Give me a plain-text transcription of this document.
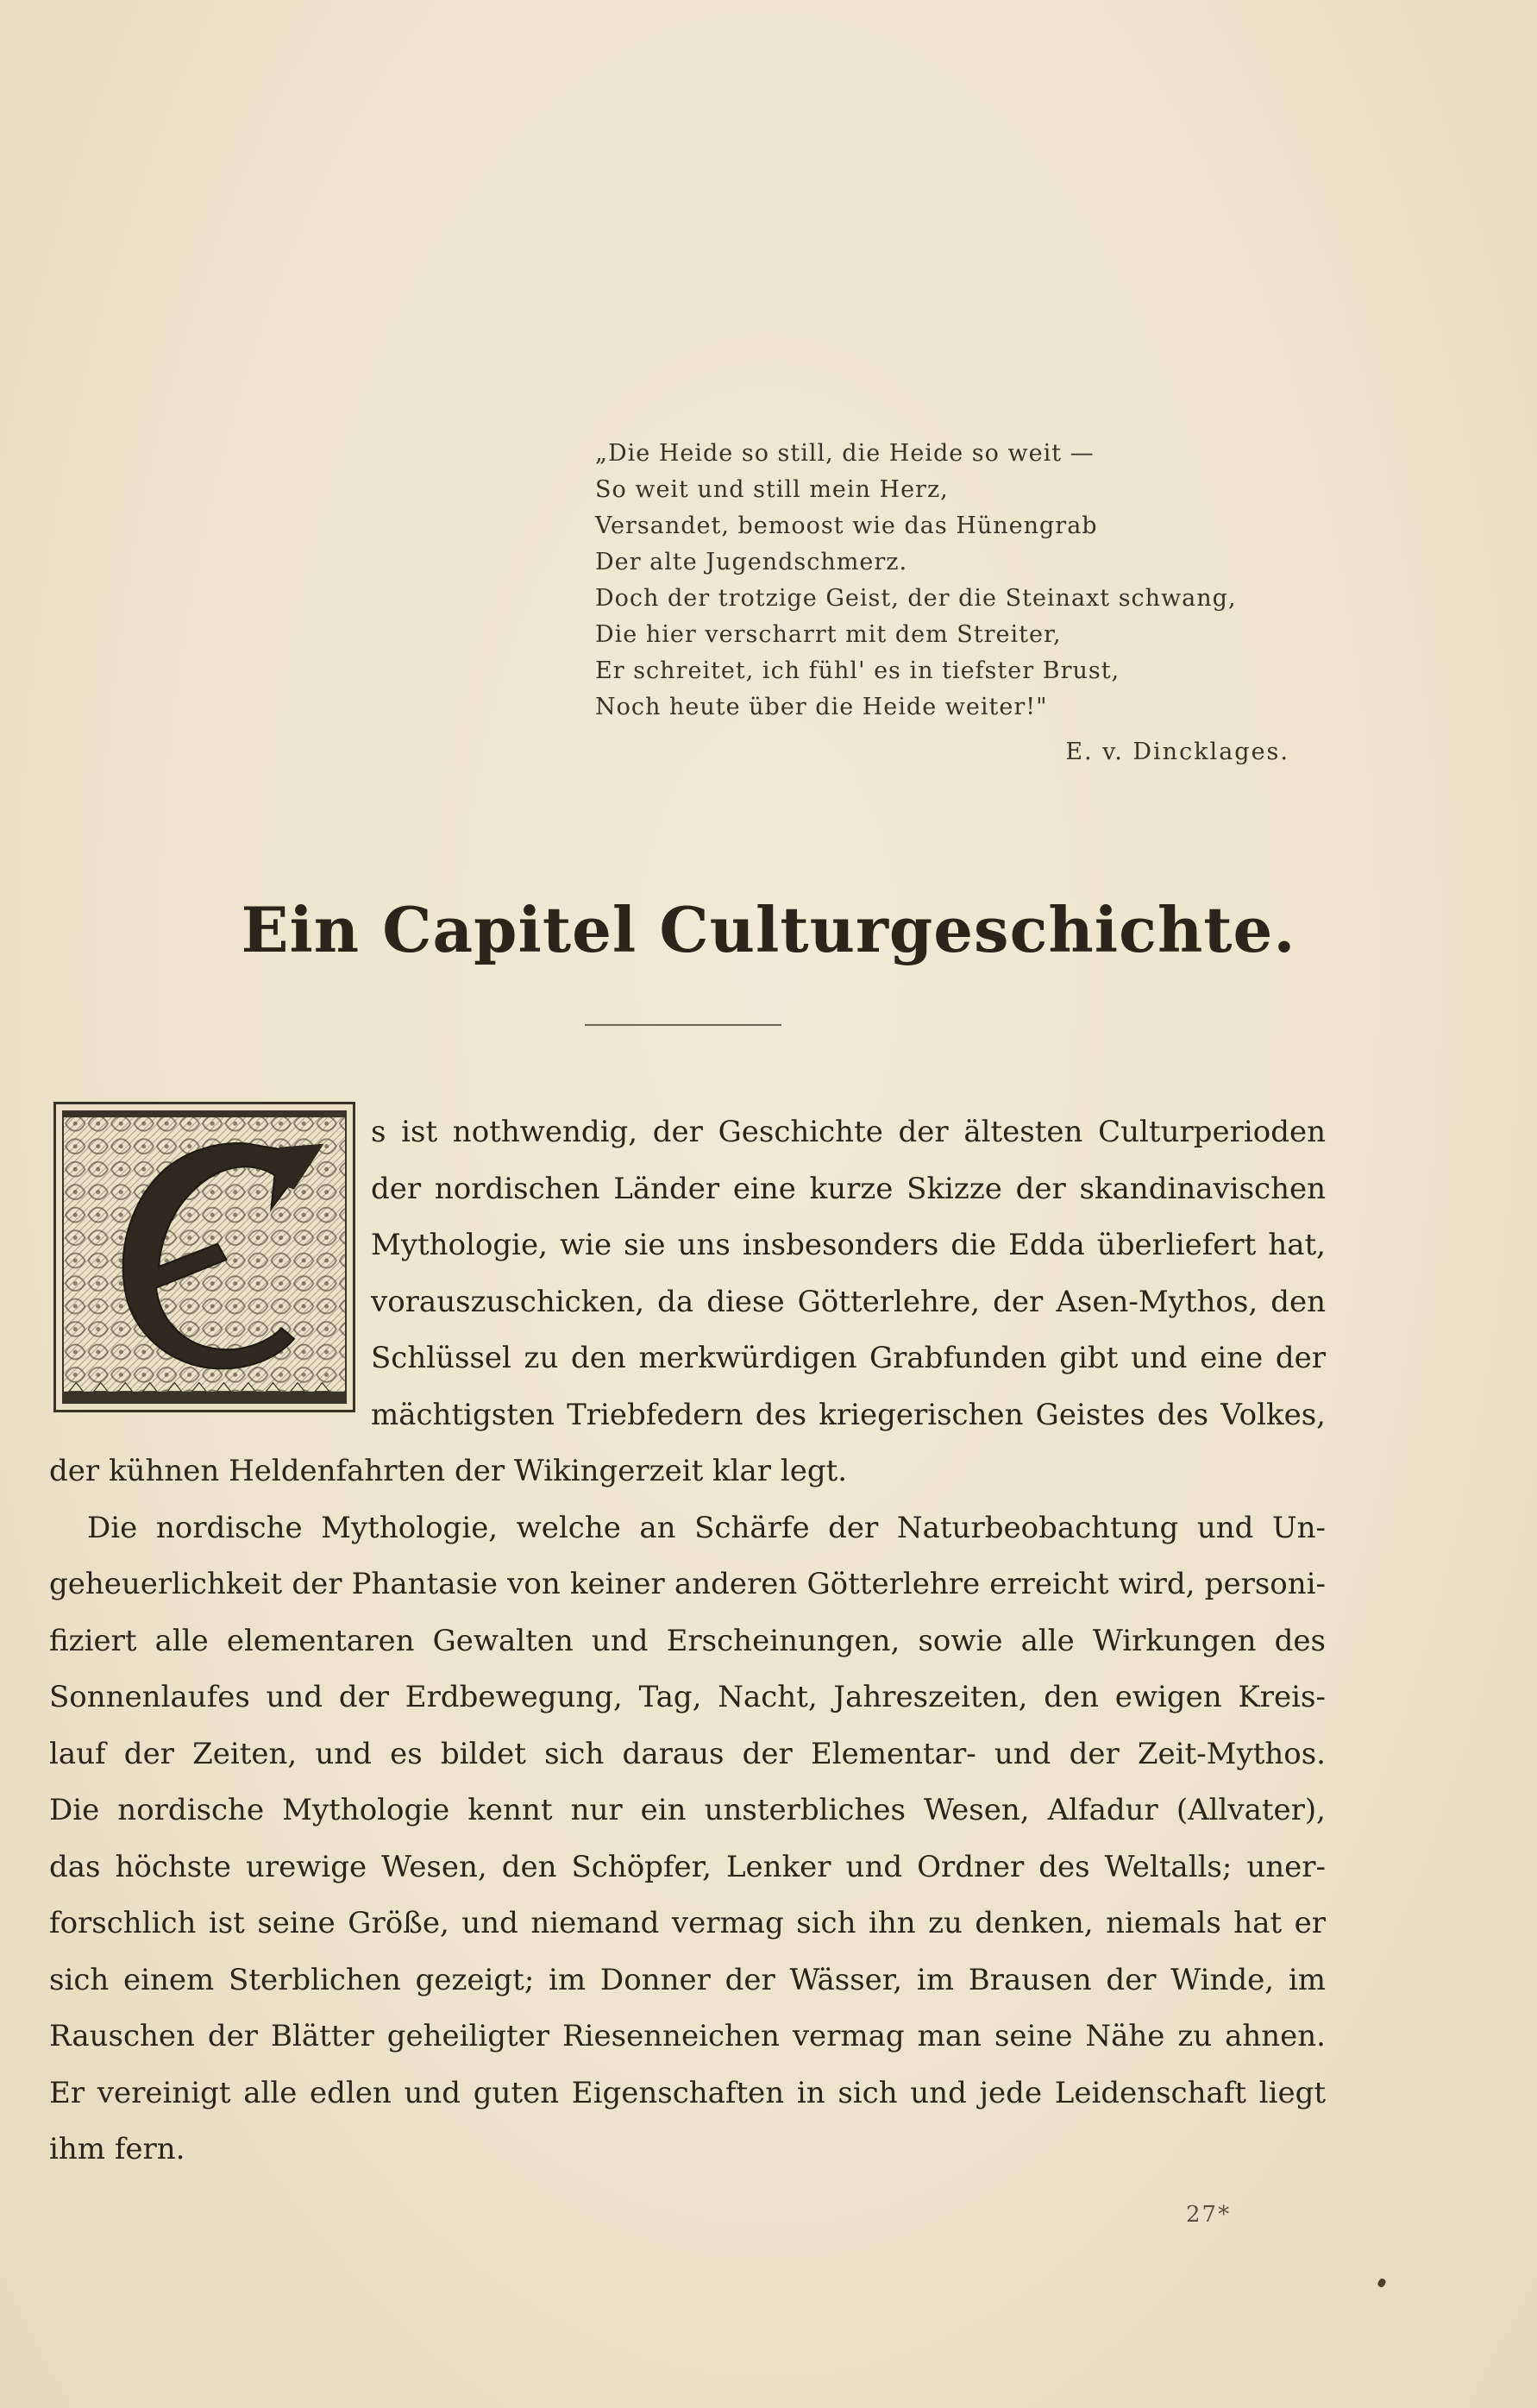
„Die Heide so still, die Heide so weit —
So weit und still mein Herz,
Versandet, bemoost wie das Hünengrab
Der alte Jugendschmerz.
Doch der trotzige Geist, der die Steinaxt schwang,
Die hier verscharrt mit dem Streiter,
Er schreitet, ich fühl' es in tiefster Brust,
Noch heute über die Heide weiter!"
E. v. Dincklages.
Ein Capitel Culturgeschichte.
E
s ist nothwendig, der Geschichte der ältesten Culturperioden
der nordischen Länder eine kurze Skizze der skandinavischen
Mythologie, wie sie uns insbesonders die Edda überliefert hat,
vorauszuschicken, da diese Götterlehre, der Asen-Mythos, den
Schlüssel zu den merkwürdigen Grabfunden gibt und eine der
mächtigsten Triebfedern des kriegerischen Geistes des Volkes,
der kühnen Heldenfahrten der Wikingerzeit klar legt.
Die nordische Mythologie, welche an Schärfe der Naturbeobachtung und Un-
geheuerlichkeit der Phantasie von keiner anderen Götterlehre erreicht wird, personi-
fiziert alle elementaren Gewalten und Erscheinungen, sowie alle Wirkungen des
Sonnenlaufes und der Erdbewegung, Tag, Nacht, Jahreszeiten, den ewigen Kreis-
lauf der Zeiten, und es bildet sich daraus der Elementar- und der Zeit-Mythos.
Die nordische Mythologie kennt nur ein unsterbliches Wesen, Alfadur (Allvater),
das höchste urewige Wesen, den Schöpfer, Lenker und Ordner des Weltalls; uner-
forschlich ist seine Größe, und niemand vermag sich ihn zu denken, niemals hat er
sich einem Sterblichen gezeigt; im Donner der Wässer, im Brausen der Winde, im
Rauschen der Blätter geheiligter Riesenneichen vermag man seine Nähe zu ahnen.
Er vereinigt alle edlen und guten Eigenschaften in sich und jede Leidenschaft liegt
ihm fern.
27*
